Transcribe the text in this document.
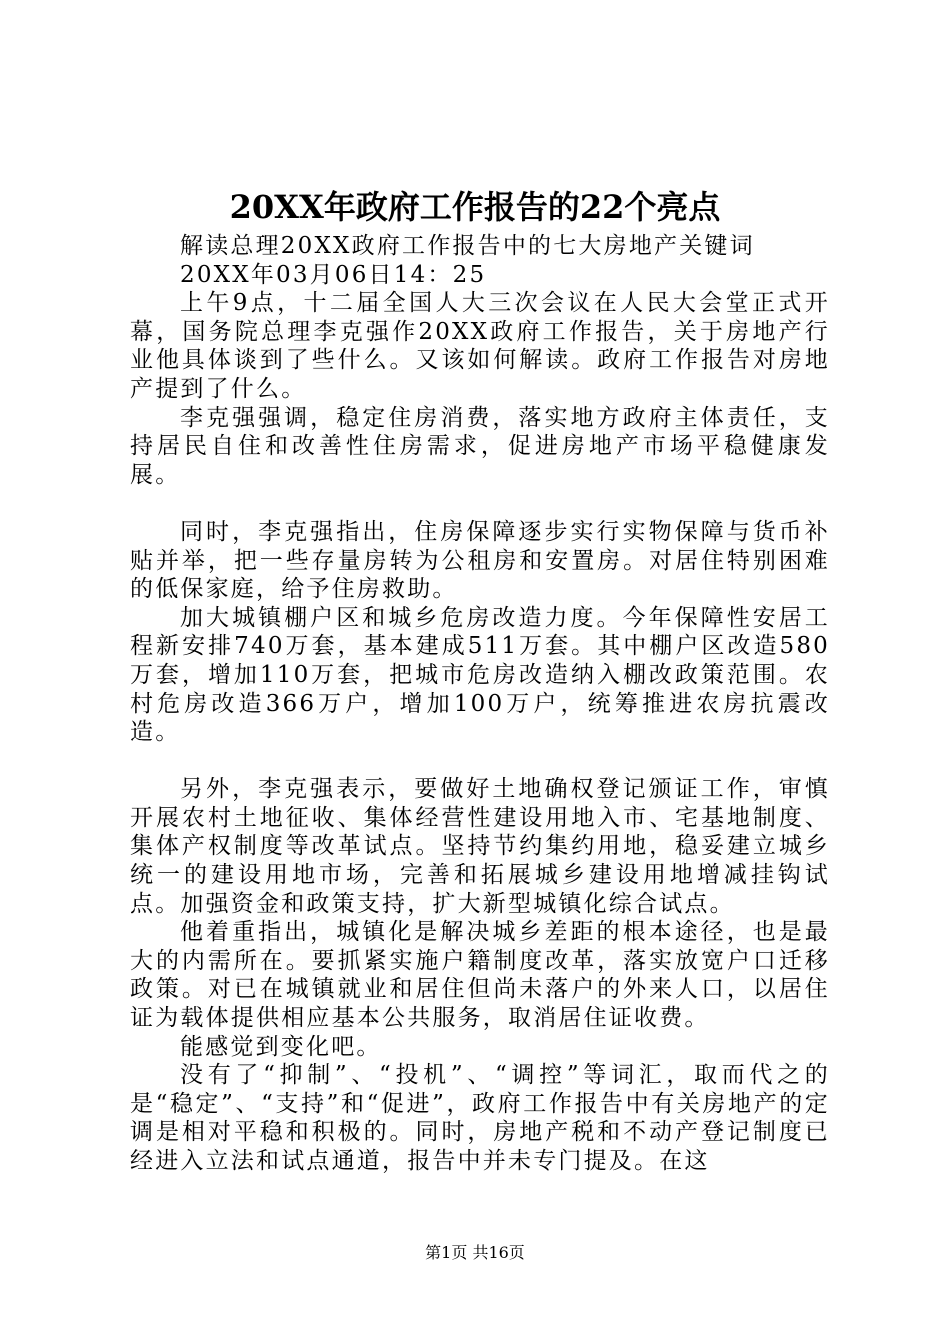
20XX年政府工作报告的22个亮点

解读总理20XX政府工作报告中的七大房地产关键词

20XX年03月06日14：25

上午9点，十二届全国人大三次会议在人民大会堂正式开幕，国务院总理李克强作20XX政府工作报告，关于房地产行业他具体谈到了些什么。又该如何解读。政府工作报告对房地产提到了什么。

李克强强调，稳定住房消费，落实地方政府主体责任，支持居民自住和改善性住房需求，促进房地产市场平稳健康发展。

同时，李克强指出，住房保障逐步实行实物保障与货币补贴并举，把一些存量房转为公租房和安置房。对居住特别困难的低保家庭，给予住房救助。

加大城镇棚户区和城乡危房改造力度。今年保障性安居工程新安排740万套，基本建成511万套。其中棚户区改造580万套，增加110万套，把城市危房改造纳入棚改政策范围。农村危房改造366万户，增加100万户，统筹推进农房抗震改造。

另外，李克强表示，要做好土地确权登记颁证工作，审慎开展农村土地征收、集体经营性建设用地入市、宅基地制度、集体产权制度等改革试点。坚持节约集约用地，稳妥建立城乡统一的建设用地市场，完善和拓展城乡建设用地增减挂钩试点。加强资金和政策支持，扩大新型城镇化综合试点。

他着重指出，城镇化是解决城乡差距的根本途径，也是最大的内需所在。要抓紧实施户籍制度改革，落实放宽户口迁移政策。对已在城镇就业和居住但尚未落户的外来人口，以居住证为载体提供相应基本公共服务，取消居住证收费。

能感觉到变化吧。

没有了“抑制”、“投机”、“调控”等词汇，取而代之的是“稳定”、“支持”和“促进”，政府工作报告中有关房地产的定调是相对平稳和积极的。同时，房地产税和不动产登记制度已经进入立法和试点通道，报告中并未专门提及。在这

第1页 共16页
